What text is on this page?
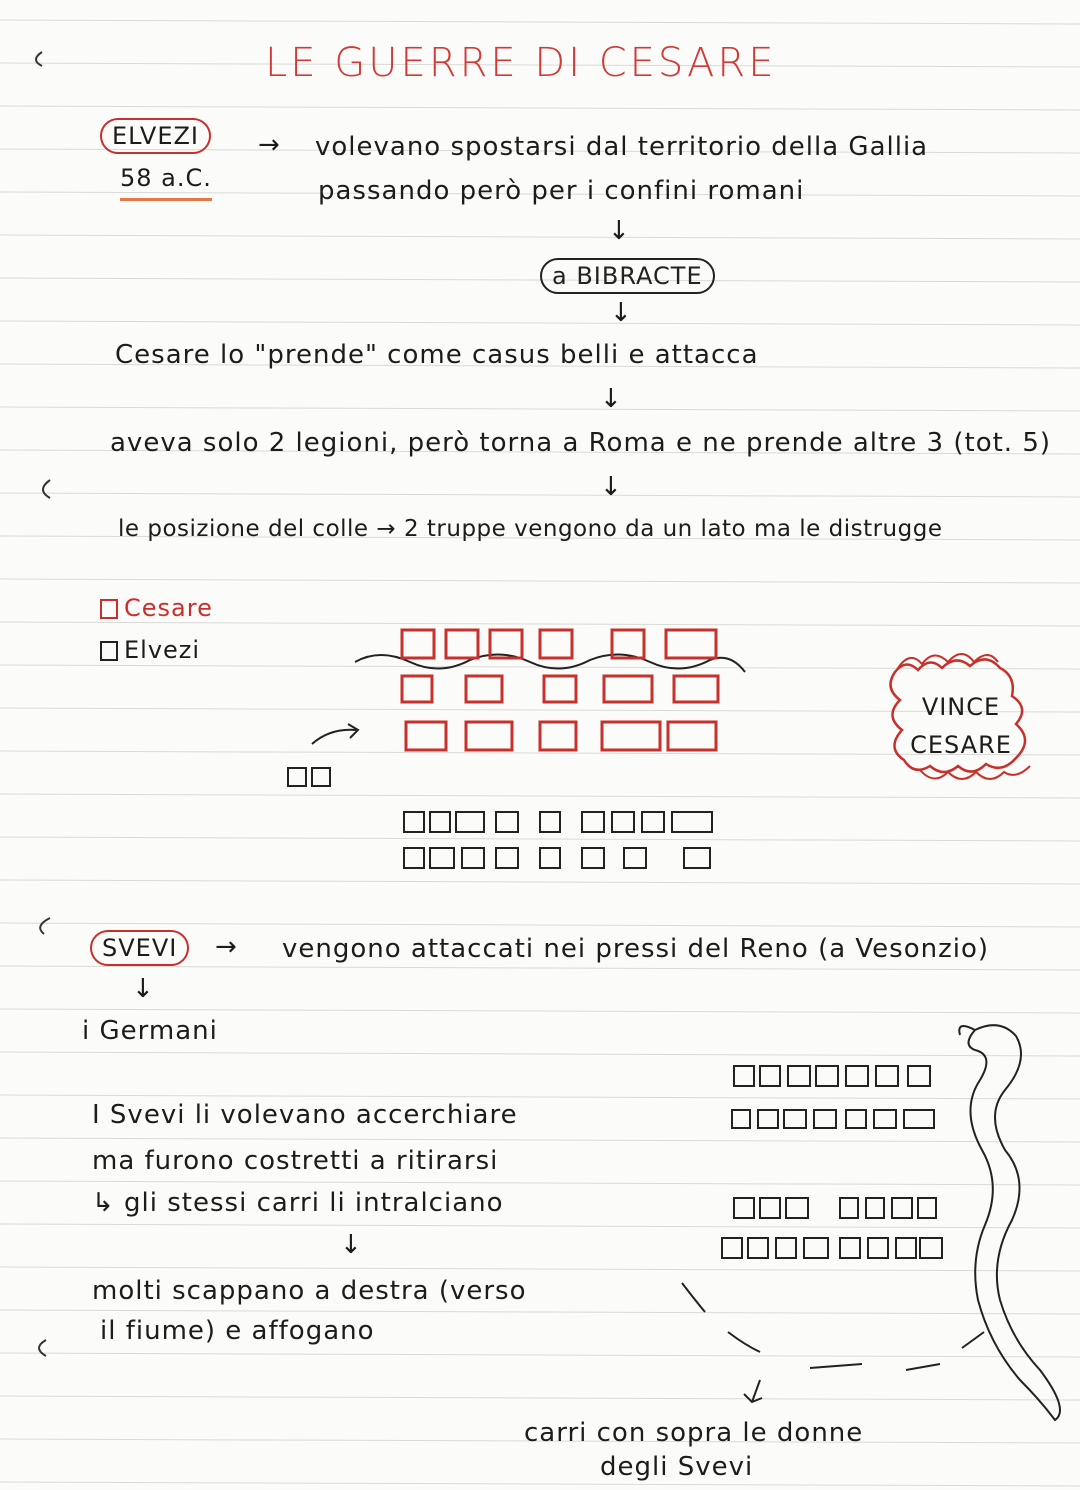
LE GUERRE DI CESARE
ELVEZI
58 a.C.
→ volevano spostarsi dal territorio della Gallia
passando però per i confini romani
↓
a BIBRACTE
↓
Cesare lo "prende" come casus belli e attacca
↓
aveva solo 2 legioni, però torna a Roma e ne prende altre 3 (tot. 5)
↓
le posizione del colle → 2 truppe vengono da un lato ma le distrugge
Cesare
Elvezi
VINCE CESARE
SVEVI	→ vengono attaccati nei pressi del Reno (a Vesonzio)
↓
i Germani
I Svevi li volevano accerchiare
ma furono costretti a ritirarsi
↳ gli stessi carri li intralciano
↓
molti scappano a destra (verso
il fiume) e affogano
carri con sopra le donne
degli Svevi
